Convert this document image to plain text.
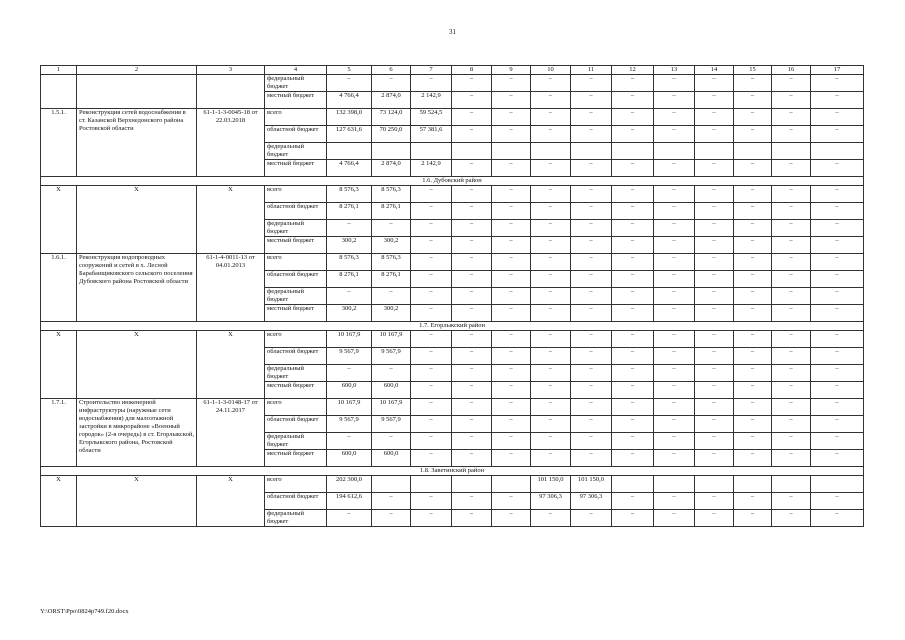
31
1	2	3	4	5	6	7	8	9	10	11	12	13	14	15	16	17
			федеральный бюджет	–	–	–	–	–	–	–	–	–	–	–	–	–
			местный бюджет	4 766,4	2 874,0	2 142,9	–	–	–	–	–	–	–	–	–	–
1.5.1.	Реконструкция сетей водоснабжения в ст. Казанской Верхнедонского района Ростовской области	61-1-1-3-0045-18 от 22.03.2018	всего	132 398,0	73 124,0	59 524,5	–	–	–	–	–	–	–	–	–	–
			областной бюджет	127 631,6	70 250,0	57 381,6	–	–	–	–	–	–	–	–	–	–
			федеральный бюджет													
			местный бюджет	4 766,4	2 874,0	2 142,9	–	–	–	–	–	–	–	–	–	–
1.6. Дубовский район																
Х	Х	Х	всего	8 576,3	8 576,3	–	–	–	–	–	–	–	–	–	–	–
			областной бюджет	8 276,1	8 276,1	–	–	–	–	–	–	–	–	–	–	–
			федеральный бюджет	–	–	–	–	–	–	–	–	–	–	–	–	–
			местный бюджет	300,2	300,2	–	–	–	–	–	–	–	–	–	–	–
1.6.1.	Реконструкция водопроводных сооружений и сетей в х. Лесной Барабанщиковского сельского поселения Дубовского района Ростовской области	61-1-4-0011-13 от 04.01.2013	всего	8 576,3	8 576,3	–	–	–	–	–	–	–	–	–	–	–
			областной бюджет	8 276,1	8 276,1	–	–	–	–	–	–	–	–	–	–	–
			федеральный бюджет	–	–	–	–	–	–	–	–	–	–	–	–	–
			местный бюджет	300,2	300,2	–	–	–	–	–	–	–	–	–	–	–
1.7. Егорлыкский район																
Х	Х	Х	всего	10 167,9	10 167,9	–	–	–	–	–	–	–	–	–	–	–
			областной бюджет	9 567,9	9 567,9	–	–	–	–	–	–	–	–	–	–	–
			федеральный бюджет	–	–	–	–	–	–	–	–	–	–	–	–	–
			местный бюджет	600,0	600,0	–	–	–	–	–	–	–	–	–	–	–
1.7.1.	Строительство инженерной инфраструктуры (наружные сети водоснабжения) для малоэтажной застройки в микрорайоне «Военный городок» (2-я очередь) в ст. Егорлыкской, Егорлыкского района, Ростовской области	61-1-1-3-0148-17 от 24.11.2017	всего	10 167,9	10 167,9	–	–	–	–	–	–	–	–	–	–	–
			областной бюджет	9 567,9	9 567,9	–	–	–	–	–	–	–	–	–	–	–
			федеральный бюджет	–	–	–	–	–	–	–	–	–	–	–	–	–
			местный бюджет	600,0	600,0	–	–	–	–	–	–	–	–	–	–	–
1.8. Заветинский район																
Х	Х	Х	всего	202 300,0					101 150,0	101 150,0						
			областной бюджет	194 612,6	–	–	–	–	97 306,3	97 306,3	–	–	–	–	–	–
			федеральный бюджет	–	–	–	–	–	–	–	–	–	–	–	–	–
Y:\ORST\Ppo\0824p749.f20.docx
